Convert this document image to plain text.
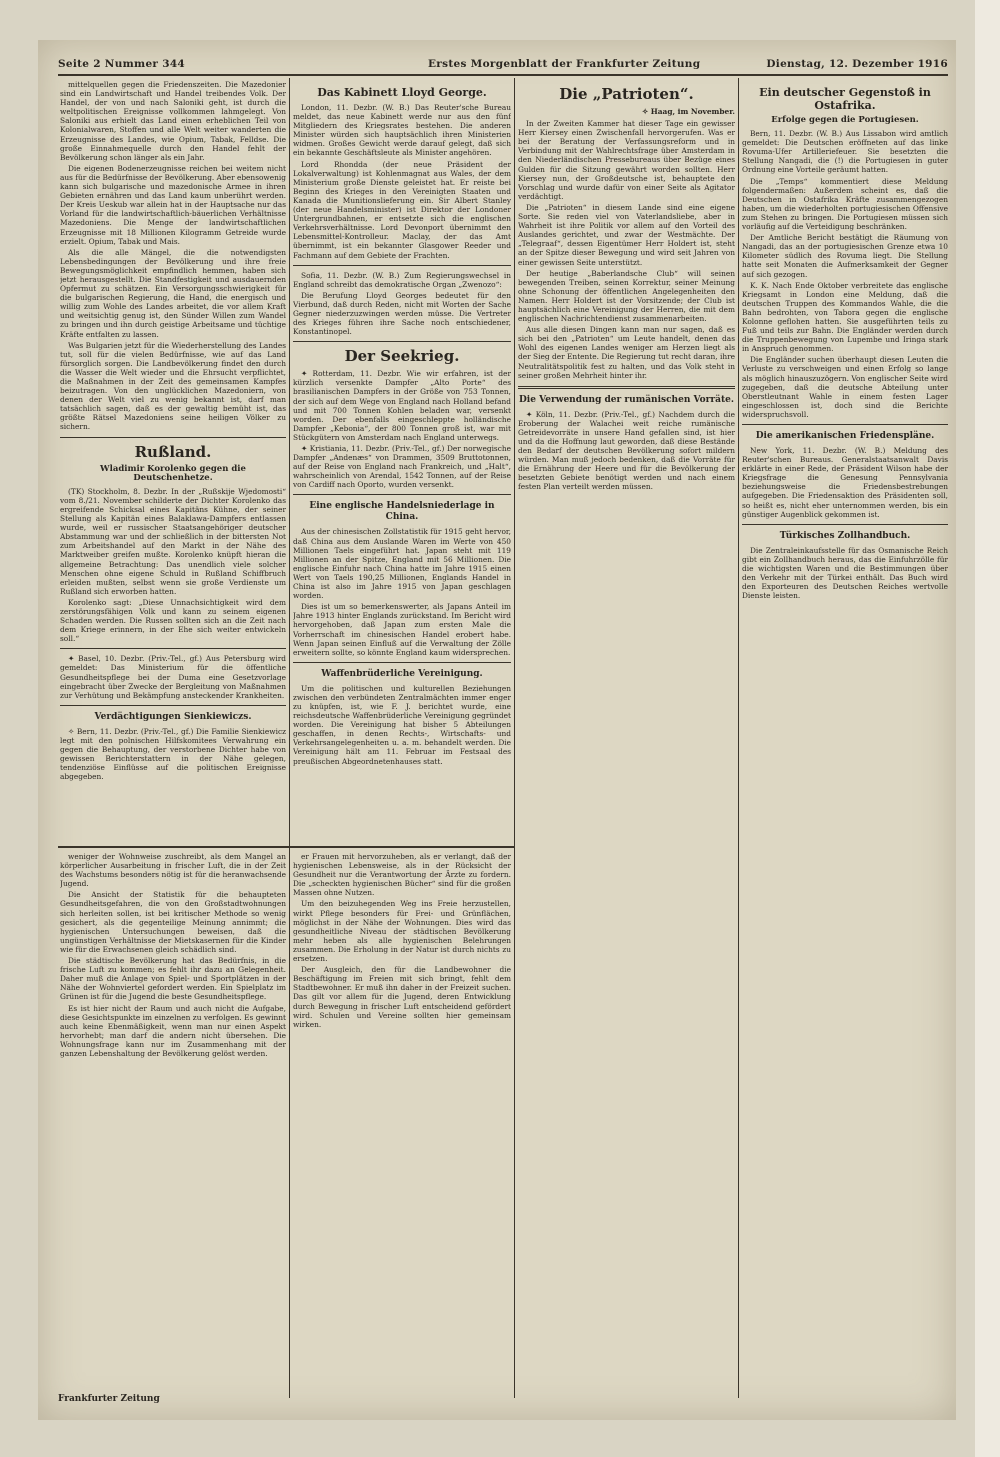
Seite 2 Nummer 344	Erstes Morgenblatt der Frankfurter Zeitung	Dienstag, 12. Dezember 1916

mittelquellen gegen die Friedenszeiten. Die Mazedonier sind ein Landwirtschaft und Handel treibendes Volk. Der Handel, der von und nach Saloniki geht, ist durch die weltpolitischen Ereignisse vollkommen lahmgelegt. Von Saloniki aus erhielt das Land einen erheblichen Teil von Kolonialwaren, Stoffen und alle Welt weiter wanderten die Erzeugnisse des Landes, wie Opium, Tabak, Felldse. Die große Einnahmequelle durch den Handel fehlt der Bevölkerung schon länger als ein Jahr.

Die eigenen Bodenerzeugnisse reichen bei weitem nicht aus für die Bedürfnisse der Bevölkerung. Aber ebensowenig kann sich bulgarische und mazedonische Armee in ihren Gebieten ernähren und das Land kaum unberührt werden. Der Kreis Ueskub war allein hat in der Hauptsache nur das Vorland für die landwirtschaftlich-bäuerlichen Verhältnisse Mazedoniens. Die Menge der landwirtschaftlichen Erzeugnisse mit 18 Millionen Kilogramm Getreide wurde erzielt. Opium, Tabak und Mais.

Als die alle Mängel, die die notwendigsten Lebensbedingungen der Bevölkerung und ihre freie Bewegungsmöglichkeit empfindlich hemmen, haben sich jetzt herausgestellt. Die Standfestigkeit und ausdauernden Opfermut zu schätzen. Ein Versorgungsschwierigkeit für die bulgarischen Regierung, die Hand, die energisch und willig zum Wohle des Landes arbeitet, die vor allem Kraft und weitsichtig genug ist, den Sünder Willen zum Wandel zu bringen und ihn durch geistige Arbeitsame und tüchtige Kräfte entfalten zu lassen.

Was Bulgarien jetzt für die Wiederherstellung des Landes tut, soll für die vielen Bedürfnisse, wie auf das Land fürsorglich sorgen. Die Landbevölkerung findet den durch die Wasser die Welt wieder und die Ehrsucht verpflichtet, die Maßnahmen in der Zeit des gemeinsamen Kampfes beizutragen. Von den unglücklichen Mazedoniern, von denen der Welt viel zu wenig bekannt ist, darf man tatsächlich sagen, daß es der gewaltig bemüht ist, das größte Rätsel Mazedoniens seine heiligen Völker zu sichern.

Rußland.
Wladimir Korolenko gegen die Deutschenhetze.

(TK) Stockholm, 8. Dezbr. In der „Rußskije Wjedomosti“ vom 8./21. November schilderte der Dichter Korolenko das ergreifende Schicksal eines Kapitäns Kühne, der seiner Stellung als Kapitän eines Balaklawa-Dampfers entlassen wurde, weil er russischer Staatsangehöriger deutscher Abstammung war und der schließlich in der bittersten Not zum Arbeitshandel auf den Markt in der Nähe des Marktweiber greifen mußte. Korolenko knüpft hieran die allgemeine Betrachtung: Das unendlich viele solcher Menschen ohne eigene Schuld in Rußland Schiffbruch erleiden mußten, selbst wenn sie große Verdienste um Rußland sich erworben hatten.

Korolenko sagt: „Diese Unnachsichtigkeit wird dem zerstörungsfähigen Volk und kann zu seinem eigenen Schaden werden. Die Russen sollten sich an die Zeit nach dem Kriege erinnern, in der Ehe sich weiter entwickeln soll.“

✦ Basel, 10. Dezbr. (Priv.-Tel., gf.) Aus Petersburg wird gemeldet: Das Ministerium für die öffentliche Gesundheitspflege bei der Duma eine Gesetzvorlage eingebracht über Zwecke der Bergleitung von Maßnahmen zur Verhütung und Bekämpfung ansteckender Krankheiten.

Verdächtigungen Sienkiewiczs.

✧ Bern, 11. Dezbr. (Priv.-Tel., gf.) Die Familie Sienkiewicz legt mit den polnischen Hilfskomitees Verwahrung ein gegen die Behauptung, der verstorbene Dichter habe von gewissen Berichterstattern in der Nähe gelegen, tendenziöse Einflüsse auf die politischen Ereignisse abgegeben.

Das Kabinett Lloyd George.

London, 11. Dezbr. (W. B.) Das Reuter'sche Bureau meldet, das neue Kabinett werde nur aus den fünf Mitgliedern des Kriegsrates bestehen. Die anderen Minister würden sich hauptsächlich ihren Ministerien widmen. Großes Gewicht werde darauf gelegt, daß sich ein bekannte Geschäftsleute als Minister angehören.

Lord Rhondda (der neue Präsident der Lokalverwaltung) ist Kohlenmagnat aus Wales, der dem Ministerium große Dienste geleistet hat. Er reiste bei Beginn des Krieges in den Vereinigten Staaten und Kanada die Munitionslieferung ein. Sir Albert Stanley (der neue Handelsminister) ist Direktor der Londoner Untergrundbahnen, er entsetzte sich die englischen Verkehrsverhältnisse. Lord Devonport übernimmt den Lebensmittel-Kontrolleur. Maclay, der das Amt übernimmt, ist ein bekannter Glasgower Reeder und Fachmann auf dem Gebiete der Frachten.

Sofia, 11. Dezbr. (W. B.) Zum Regierungswechsel in England schreibt das demokratische Organ „Zwenozo“:

Die Berufung Lloyd Georges bedeutet für den Vierbund, daß durch Reden, nicht mit Worten der Sache Gegner niederzuzwingen werden müsse. Die Vertreter des Krieges führen ihre Sache noch entschiedener, Konstantinopel.

Der Seekrieg.

✦ Rotterdam, 11. Dezbr. Wie wir erfahren, ist der kürzlich versenkte Dampfer „Alto Porte“ des brasilianischen Dampfers in der Größe von 753 Tonnen, der sich auf dem Wege von England nach Holland befand und mit 700 Tonnen Kohlen beladen war, versenkt worden. Der ebenfalls eingeschleppte holländische Dampfer „Kebonia“, der 800 Tonnen groß ist, war mit Stückgütern von Amsterdam nach England unterwegs.

✦ Kristiania, 11. Dezbr. (Priv.-Tel., gf.) Der norwegische Dampfer „Andenæs“ von Drammen, 3509 Bruttotonnen, auf der Reise von England nach Frankreich, und „Halt“, wahrscheinlich von Arendal, 1542 Tonnen, auf der Reise von Cardiff nach Oporto, wurden versenkt.

Eine englische Handelsniederlage in China.

Aus der chinesischen Zollstatistik für 1915 geht hervor, daß China aus dem Auslande Waren im Werte von 450 Millionen Taels eingeführt hat. Japan steht mit 119 Millionen an der Spitze, England mit 56 Millionen. Die englische Einfuhr nach China hatte im Jahre 1915 einen Wert von Taels 190,25 Millionen, Englands Handel in China ist also im Jahre 1915 von Japan geschlagen worden.

Dies ist um so bemerkenswerter, als Japans Anteil im Jahre 1913 hinter Englands zurückstand. Im Bericht wird hervorgehoben, daß Japan zum ersten Male die Vorherrschaft im chinesischen Handel erobert habe. Wenn Japan seinen Einfluß auf die Verwaltung der Zölle erweitern sollte, so könnte England kaum widersprechen.

Waffenbrüderliche Vereinigung.

Um die politischen und kulturellen Beziehungen zwischen den verbündeten Zentralmächten immer enger zu knüpfen, ist, wie F. J. berichtet wurde, eine reichsdeutsche Waffenbrüderliche Vereinigung gegründet worden. Die Vereinigung hat bisher 5 Abteilungen geschaffen, in denen Rechts-, Wirtschafts- und Verkehrsangelegenheiten u. a. m. behandelt werden. Die Vereinigung hält am 11. Februar im Festsaal des preußischen Abgeordnetenhauses statt.

weniger der Wohnweise zuschreibt, als dem Mangel an körperlicher Ausarbeitung in frischer Luft, die in der Zeit des Wachstums besonders nötig ist für die heranwachsende Jugend.

Die Ansicht der Statistik für die behaupteten Gesundheitsgefahren, die von den Großstadtwohnungen sich herleiten sollen, ist bei kritischer Methode so wenig gesichert, als die gegenteilige Meinung annimmt; die hygienischen Untersuchungen beweisen, daß die ungünstigen Verhältnisse der Mietskasernen für die Kinder wie für die Erwachsenen gleich schädlich sind.

Die städtische Bevölkerung hat das Bedürfnis, in die frische Luft zu kommen; es fehlt ihr dazu an Gelegenheit. Daher muß die Anlage von Spiel- und Sportplätzen in der Nähe der Wohnviertel gefordert werden. Ein Spielplatz im Grünen ist für die Jugend die beste Gesundheitspflege.

Es ist hier nicht der Raum und auch nicht die Aufgabe, diese Gesichtspunkte im einzelnen zu verfolgen. Es gewinnt auch keine Ebenmäßigkeit, wenn man nur einen Aspekt hervorhebt; man darf die andern nicht übersehen. Die Wohnungsfrage kann nur im Zusammenhang mit der ganzen Lebenshaltung der Bevölkerung gelöst werden.

er Frauen mit hervorzuheben, als er verlangt, daß der hygienischen Lebensweise, als in der Rücksicht der Gesundheit nur die Verantwortung der Ärzte zu fordern. Die „scheckten hygienischen Bücher“ sind für die großen Massen ohne Nutzen.

Um den beizuhegenden Weg ins Freie herzustellen, wirkt Pflege besonders für Frei- und Grünflächen, möglichst in der Nähe der Wohnungen. Dies wird das gesundheitliche Niveau der städtischen Bevölkerung mehr heben als alle hygienischen Belehrungen zusammen. Die Erholung in der Natur ist durch nichts zu ersetzen.

Der Ausgleich, den für die Landbewohner die Beschäftigung im Freien mit sich bringt, fehlt dem Stadtbewohner. Er muß ihn daher in der Freizeit suchen. Das gilt vor allem für die Jugend, deren Entwicklung durch Bewegung in frischer Luft entscheidend gefördert wird. Schulen und Vereine sollten hier gemeinsam wirken.

Die „Patrioten“.
✧ Haag, im November.

In der Zweiten Kammer hat dieser Tage ein gewisser Herr Kiersey einen Zwischenfall hervorgerufen. Was er bei der Beratung der Verfassungsreform und in Verbindung mit der Wahlrechtsfrage über Amsterdam in den Niederländischen Pressebureaus über Bezüge eines Gulden für die Sitzung gewährt worden sollten. Herr Kiersey nun, der Großdeutsche ist, behauptete den Vorschlag und wurde dafür von einer Seite als Agitator verdächtigt.

Die „Patrioten“ in diesem Lande sind eine eigene Sorte. Sie reden viel von Vaterlandsliebe, aber in Wahrheit ist ihre Politik vor allem auf den Vorteil des Auslandes gerichtet, und zwar der Westmächte. Der „Telegraaf“, dessen Eigentümer Herr Holdert ist, steht an der Spitze dieser Bewegung und wird seit Jahren von einer gewissen Seite unterstützt.

Der heutige „Baberlandsche Club“ will seinen bewegenden Treiben, seinen Korrektur, seiner Meinung ohne Schonung der öffentlichen Angelegenheiten den Namen. Herr Holdert ist der Vorsitzende; der Club ist hauptsächlich eine Vereinigung der Herren, die mit dem englischen Nachrichtendienst zusammenarbeiten.

Aus alle diesen Dingen kann man nur sagen, daß es sich bei den „Patrioten“ um Leute handelt, denen das Wohl des eigenen Landes weniger am Herzen liegt als der Sieg der Entente. Die Regierung tut recht daran, ihre Neutralitätspolitik fest zu halten, und das Volk steht in seiner großen Mehrheit hinter ihr.

Die Verwendung der rumänischen Vorräte.

✦ Köln, 11. Dezbr. (Priv.-Tel., gf.) Nachdem durch die Eroberung der Walachei weit reiche rumänische Getreidevorräte in unsere Hand gefallen sind, ist hier und da die Hoffnung laut geworden, daß diese Bestände den Bedarf der deutschen Bevölkerung sofort mildern würden. Man muß jedoch bedenken, daß die Vorräte für die Ernährung der Heere und für die Bevölkerung der besetzten Gebiete benötigt werden und nach einem festen Plan verteilt werden müssen.

Ein deutscher Gegenstoß in Ostafrika.
Erfolge gegen die Portugiesen.

Bern, 11. Dezbr. (W. B.) Aus Lissabon wird amtlich gemeldet: Die Deutschen eröffneten auf das linke Rovuma-Ufer Artilleriefeuer. Sie besetzten die Stellung Nangadi, die (!) die Portugiesen in guter Ordnung eine Vorteile geräumt hatten.

Die „Temps“ kommentiert diese Meldung folgendermaßen: Außerdem scheint es, daß die Deutschen in Ostafrika Kräfte zusammengezogen haben, um die wiederholten portugiesischen Offensive zum Stehen zu bringen. Die Portugiesen müssen sich vorläufig auf die Verteidigung beschränken.

Der Amtliche Bericht bestätigt die Räumung von Nangadi, das an der portugiesischen Grenze etwa 10 Kilometer südlich des Rovuma liegt. Die Stellung hatte seit Monaten die Aufmerksamkeit der Gegner auf sich gezogen.

K. K. Nach Ende Oktober verbreitete das englische Kriegsamt in London eine Meldung, daß die deutschen Truppen des Kommandos Wahle, die die Bahn bedrohten, von Tabora gegen die englische Kolonne geflohen hatten. Sie ausgeführten teils zu Fuß und teils zur Bahn. Die Engländer werden durch die Truppenbewegung von Lupembe und Iringa stark in Anspruch genommen.

Die Engländer suchen überhaupt diesen Leuten die Verluste zu verschweigen und einen Erfolg so lange als möglich hinauszuzögern. Von englischer Seite wird zugegeben, daß die deutsche Abteilung unter Oberstleutnant Wahle in einem festen Lager eingeschlossen ist, doch sind die Berichte widerspruchsvoll.

Die amerikanischen Friedenspläne.

New York, 11. Dezbr. (W. B.) Meldung des Reuter'schen Bureaus. Generalstaatsanwalt Davis erklärte in einer Rede, der Präsident Wilson habe der Kriegsfrage die Genesung Pennsylvania beziehungsweise die Friedensbestrebungen aufgegeben. Die Friedensaktion des Präsidenten soll, so heißt es, nicht eher unternommen werden, bis ein günstiger Augenblick gekommen ist.

Türkisches Zollhandbuch.

Die Zentraleinkaufsstelle für das Osmanische Reich gibt ein Zollhandbuch heraus, das die Einfuhrzölle für die wichtigsten Waren und die Bestimmungen über den Verkehr mit der Türkei enthält. Das Buch wird den Exporteuren des Deutschen Reiches wertvolle Dienste leisten.

Frankfurter Zeitung
